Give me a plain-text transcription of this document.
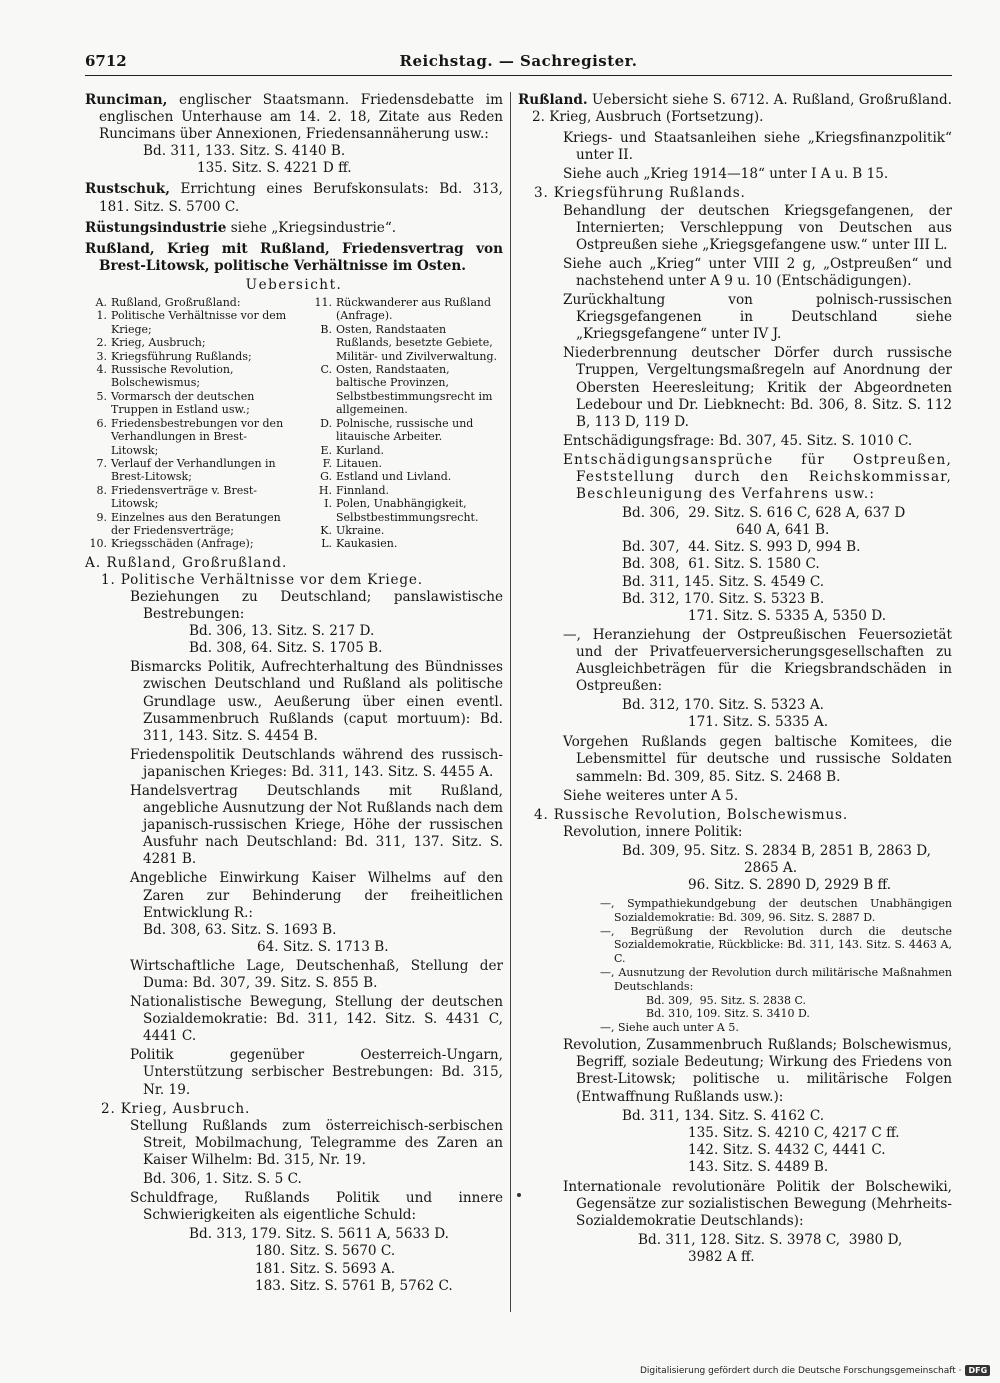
6712	Reichstag. — Sachregister.

Runciman, englischer Staatsmann. Friedensdebatte im englischen Unterhause am 14. 2. 18, Zitate aus Reden Runcimans über Annexionen, Friedensannäherung usw.:

Bd. 311, 133. Sitz. S. 4140 B.

135. Sitz. S. 4221 D ff.

Rustschuk, Errichtung eines Berufskonsulats: Bd. 313, 181. Sitz. S. 5700 C.

Rüstungsindustrie siehe „Kriegsindustrie“.

Rußland, Krieg mit Rußland, Friedensvertrag von Brest-Litowsk, politische Verhältnisse im Osten.

Uebersicht.

A. Rußland, Großrußland:
1. Politische Verhältnisse vor dem Kriege;
2. Krieg, Ausbruch;
3. Kriegsführung Rußlands;
4. Russische Revolution, Bolschewismus;
5. Vormarsch der deutschen Truppen in Estland usw.;
6. Friedensbestrebungen vor den Verhandlungen in Brest-Litowsk;
7. Verlauf der Verhandlungen in Brest-Litowsk;
8. Friedensverträge v. Brest-Litowsk;
9. Einzelnes aus den Beratungen der Friedensverträge;
10. Kriegsschäden (Anfrage);
11. Rückwanderer aus Rußland (Anfrage).
B. Osten, Randstaaten Rußlands, besetzte Gebiete, Militär- und Zivilverwaltung.
C. Osten, Randstaaten, baltische Provinzen, Selbstbestimmungsrecht im allgemeinen.
D. Polnische, russische und litauische Arbeiter.
E. Kurland.
F. Litauen.
G. Estland und Livland.
H. Finnland.
I. Polen, Unabhängigkeit, Selbstbestimmungsrecht.
K. Ukraine.
L. Kaukasien.

A. Rußland, Großrußland.

1. Politische Verhältnisse vor dem Kriege.

Beziehungen zu Deutschland; panslawistische Bestrebungen:

Bd. 306, 13. Sitz. S. 217 D.

Bd. 308, 64. Sitz. S. 1705 B.

Bismarcks Politik, Aufrechterhaltung des Bündnisses zwischen Deutschland und Rußland als politische Grundlage usw., Aeußerung über einen eventl. Zusammenbruch Rußlands (caput mortuum): Bd. 311, 143. Sitz. S. 4454 B.

Friedenspolitik Deutschlands während des russisch-japanischen Krieges: Bd. 311, 143. Sitz. S. 4455 A.

Handelsvertrag Deutschlands mit Rußland, angebliche Ausnutzung der Not Rußlands nach dem japanisch-russischen Kriege, Höhe der russischen Ausfuhr nach Deutschland: Bd. 311, 137. Sitz. S. 4281 B.

Angebliche Einwirkung Kaiser Wilhelms auf den Zaren zur Behinderung der freiheitlichen Entwicklung R.:

Bd. 308, 63. Sitz. S. 1693 B.

64. Sitz. S. 1713 B.

Wirtschaftliche Lage, Deutschenhaß, Stellung der Duma: Bd. 307, 39. Sitz. S. 855 B.

Nationalistische Bewegung, Stellung der deutschen Sozialdemokratie: Bd. 311, 142. Sitz. S. 4431 C, 4441 C.

Politik gegenüber Oesterreich-Ungarn, Unterstützung serbischer Bestrebungen: Bd. 315, Nr. 19.

2. Krieg, Ausbruch.

Stellung Rußlands zum österreichisch-serbischen Streit, Mobilmachung, Telegramme des Zaren an Kaiser Wilhelm: Bd. 315, Nr. 19.

Bd. 306, 1. Sitz. S. 5 C.

Schuldfrage, Rußlands Politik und innere Schwierigkeiten als eigentliche Schuld:

Bd. 313, 179. Sitz. S. 5611 A, 5633 D.

180. Sitz. S. 5670 C.

181. Sitz. S. 5693 A.

183. Sitz. S. 5761 B, 5762 C.

Rußland. Uebersicht siehe S. 6712. A. Rußland, Großrußland. 2. Krieg, Ausbruch (Fortsetzung).

Kriegs- und Staatsanleihen siehe „Kriegsfinanzpolitik“ unter II.

Siehe auch „Krieg 1914—18“ unter I A u. B 15.

3. Kriegsführung Rußlands.

Behandlung der deutschen Kriegsgefangenen, der Internierten; Verschleppung von Deutschen aus Ostpreußen siehe „Kriegsgefangene usw.“ unter III L.

Siehe auch „Krieg“ unter VIII 2 g, „Ostpreußen“ und nachstehend unter A 9 u. 10 (Entschädigungen).

Zurückhaltung von polnisch-russischen Kriegsgefangenen in Deutschland siehe „Kriegsgefangene“ unter IV J.

Niederbrennung deutscher Dörfer durch russische Truppen, Vergeltungsmaßregeln auf Anordnung der Obersten Heeresleitung; Kritik der Abgeordneten Ledebour und Dr. Liebknecht: Bd. 306, 8. Sitz. S. 112 B, 113 D, 119 D.

Entschädigungsfrage: Bd. 307, 45. Sitz. S. 1010 C.

Entschädigungsansprüche für Ostpreußen, Feststellung durch den Reichskommissar, Beschleunigung des Verfahrens usw.:

Bd. 306,  29. Sitz. S. 616 C, 628 A, 637 D

640 A, 641 B.

Bd. 307,  44. Sitz. S. 993 D, 994 B.

Bd. 308,  61. Sitz. S. 1580 C.

Bd. 311, 145. Sitz. S. 4549 C.

Bd. 312, 170. Sitz. S. 5323 B.

171. Sitz. S. 5335 A, 5350 D.

—, Heranziehung der Ostpreußischen Feuersozietät und der Privatfeuerversicherungsgesellschaften zu Ausgleichbeträgen für die Kriegsbrandschäden in Ostpreußen:

Bd. 312, 170. Sitz. S. 5323 A.

171. Sitz. S. 5335 A.

Vorgehen Rußlands gegen baltische Komitees, die Lebensmittel für deutsche und russische Soldaten sammeln: Bd. 309, 85. Sitz. S. 2468 B.

Siehe weiteres unter A 5.

4. Russische Revolution, Bolschewismus.

Revolution, innere Politik:

Bd. 309, 95. Sitz. S. 2834 B, 2851 B, 2863 D,

2865 A.

96. Sitz. S. 2890 D, 2929 B ff.

—, Sympathiekundgebung der deutschen Unabhängigen Sozialdemokratie: Bd. 309, 96. Sitz. S. 2887 D.

—, Begrüßung der Revolution durch die deutsche Sozialdemokratie, Rückblicke: Bd. 311, 143. Sitz. S. 4463 A, C.

—, Ausnutzung der Revolution durch militärische Maßnahmen Deutschlands:

Bd. 309,  95. Sitz. S. 2838 C.

Bd. 310, 109. Sitz. S. 3410 D.

—, Siehe auch unter A 5.

Revolution, Zusammenbruch Rußlands; Bolschewismus, Begriff, soziale Bedeutung; Wirkung des Friedens von Brest-Litowsk; politische u. militärische Folgen (Entwaffnung Rußlands usw.):

Bd. 311, 134. Sitz. S. 4162 C.

135. Sitz. S. 4210 C, 4217 C ff.

142. Sitz. S. 4432 C, 4441 C.

143. Sitz. S. 4489 B.

Internationale revolutionäre Politik der Bolschewiki, Gegensätze zur sozialistischen Bewegung (Mehrheits-Sozialdemokratie Deutschlands):

Bd. 311, 128. Sitz. S. 3978 C,  3980 D,

3982 A ff.

Digitalisierung gefördert durch die Deutsche Forschungsgemeinschaft · DFG
